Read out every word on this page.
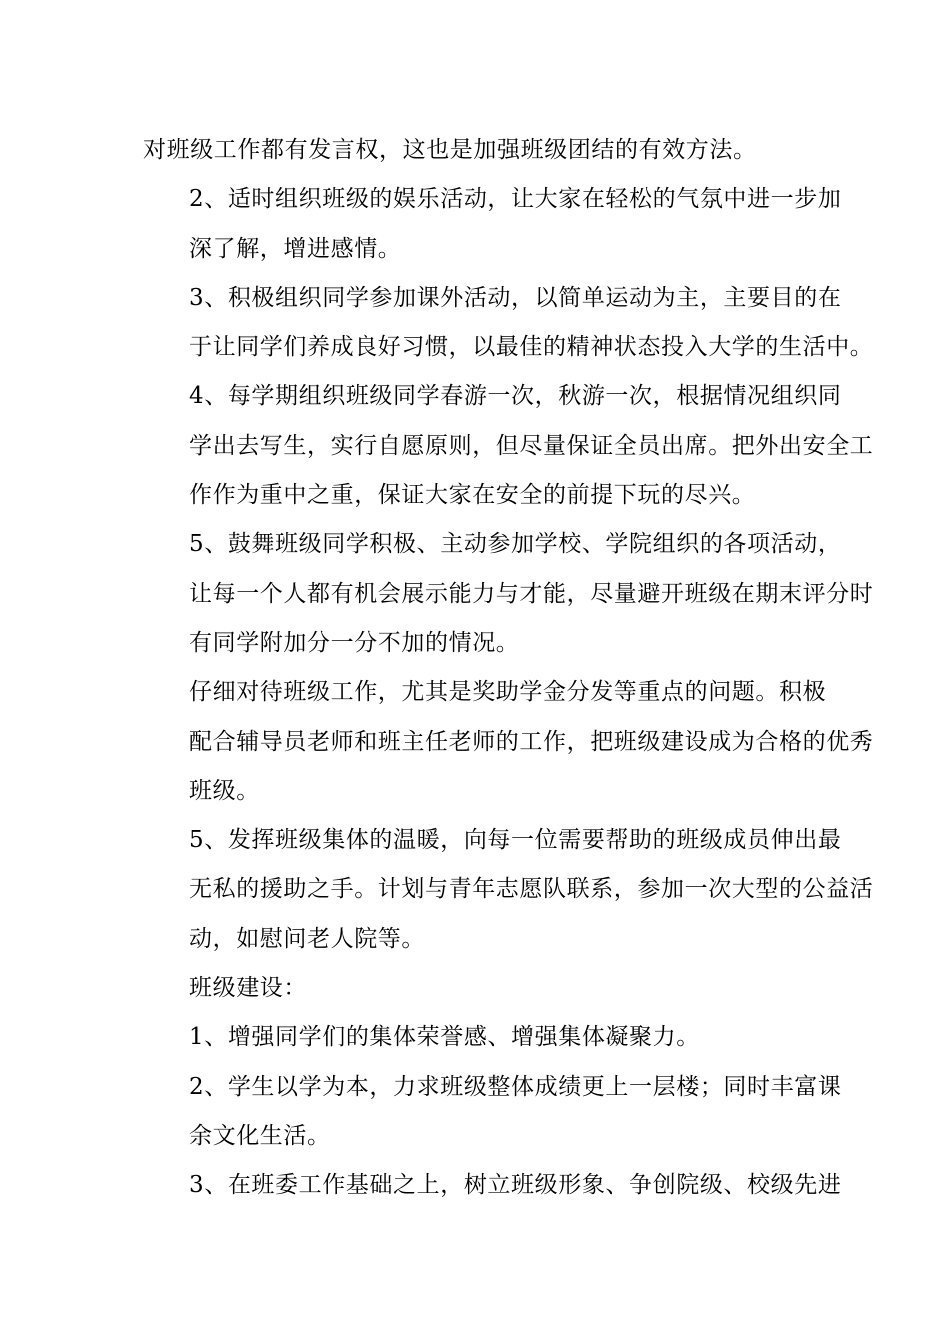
对班级工作都有发言权，这也是加强班级团结的有效方法。

2、适时组织班级的娱乐活动，让大家在轻松的气氛中进一步加
深了解，增进感情。

3、积极组织同学参加课外活动，以简单运动为主，主要目的在
于让同学们养成良好习惯，以最佳的精神状态投入大学的生活中。

4、每学期组织班级同学春游一次，秋游一次，根据情况组织同
学出去写生，实行自愿原则，但尽量保证全员出席。把外出安全工
作作为重中之重，保证大家在安全的前提下玩的尽兴。

5、鼓舞班级同学积极、主动参加学校、学院组织的各项活动，
让每一个人都有机会展示能力与才能，尽量避开班级在期末评分时
有同学附加分一分不加的情况。

仔细对待班级工作，尤其是奖助学金分发等重点的问题。积极
配合辅导员老师和班主任老师的工作，把班级建设成为合格的优秀
班级。

5、发挥班级集体的温暖，向每一位需要帮助的班级成员伸出最
无私的援助之手。计划与青年志愿队联系，参加一次大型的公益活
动，如慰问老人院等。

班级建设：

1、增强同学们的集体荣誉感、增强集体凝聚力。

2、学生以学为本，力求班级整体成绩更上一层楼；同时丰富课
余文化生活。

3、在班委工作基础之上，树立班级形象、争创院级、校级先进
